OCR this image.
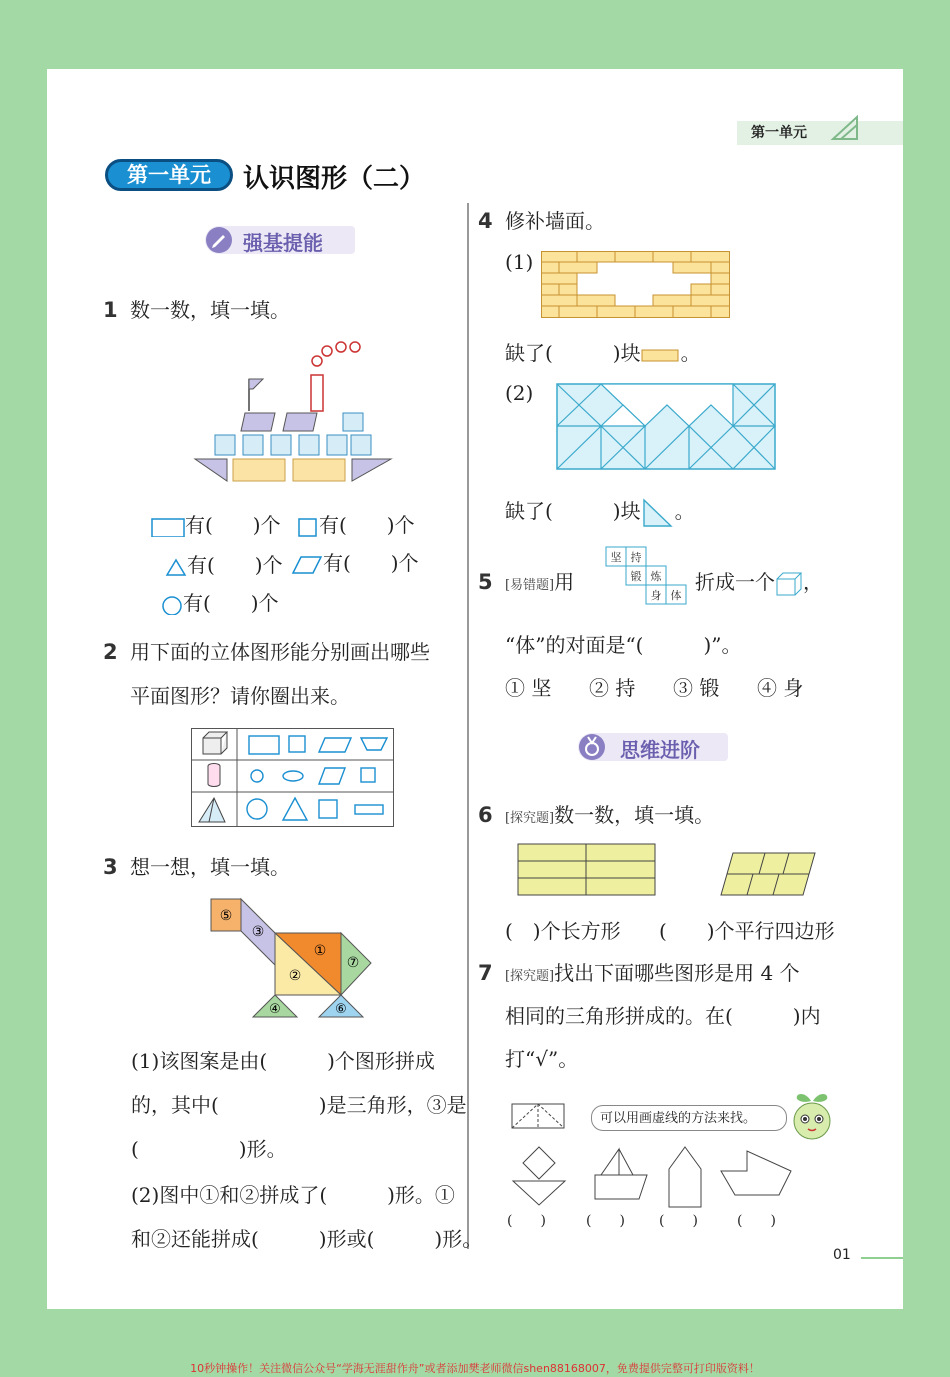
第一单元
第一单元	认识图形（二）
强基提能
1 数一数，填一填。
有(　　)个	有(　　)个
有(　　)个	有(　　)个
有(　　)个
2 用下面的立体图形能分别画出哪些
平面图形？请你圈出来。
3 想一想，填一填。
⑤
③
①
②
⑦
④	⑥
(1)该图案是由(　　　)个图形拼成
的，其中(　　　　　)是三角形，③是
(　　　　　)形。
(2)图中①和②拼成了(　　　)形。①
和②还能拼成(　　　)形或(　　　)形。
4 修补墙面。
(1)
缺了(　　　)块 。
(2)
缺了(　　　)块 。
5 [易错题]用
坚 持
锻 炼
身 体
折成一个 ，
“体”的对面是“(　　　)”。
① 坚 ② 持 ③ 锻 ④ 身
思维进阶
6 [探究题]数一数，填一填。
(　)个长方形 (　　)个平行四边形
7 [探究题]找出下面哪些图形是用 4 个
相同的三角形拼成的。在(　　　)内
打“√”。
可以用画虚线的方法来找。
(　　)	(　　) (　　)	(　　)
01
10秒钟操作！关注微信公众号“学海无涯甜作舟”或者添加樊老师微信shen88168007，免费提供完整可打印版资料！
